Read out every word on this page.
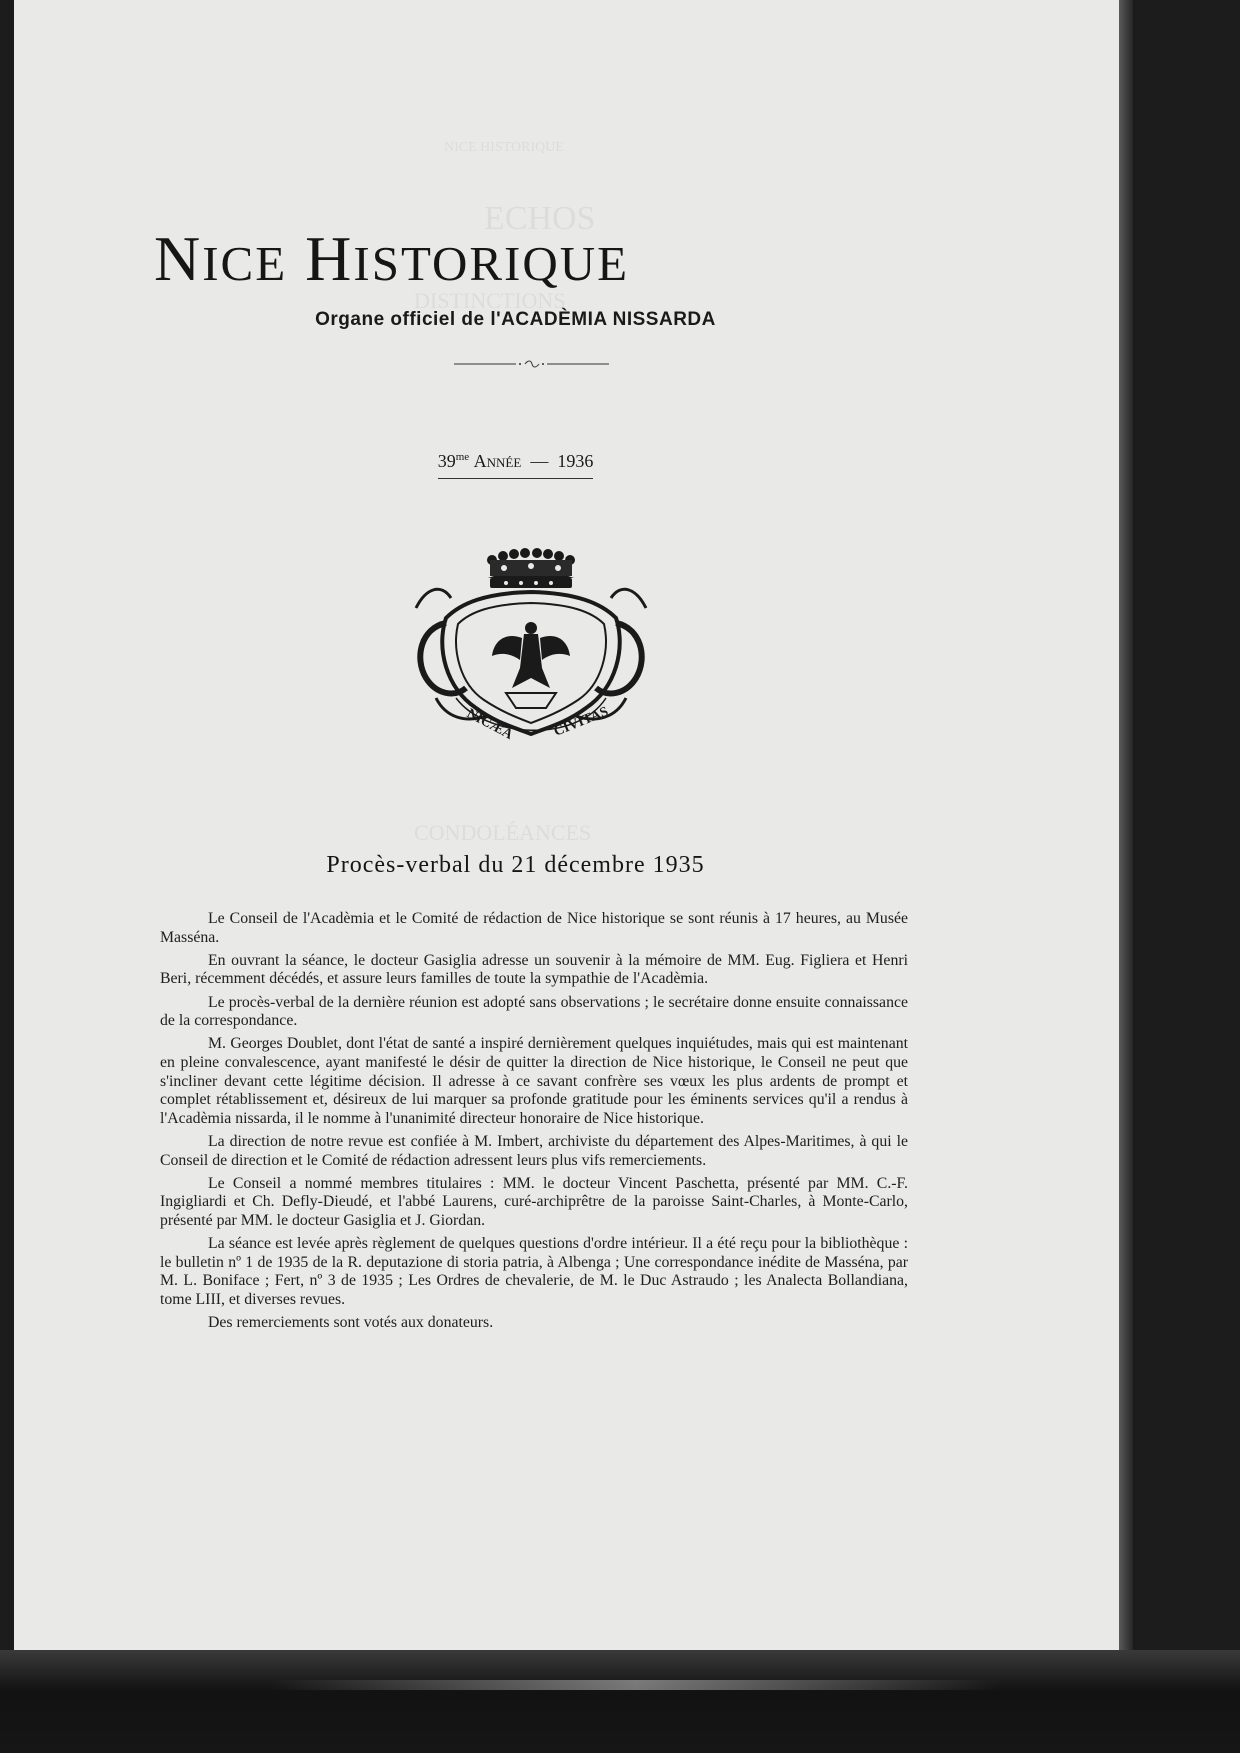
NICE HISTORIQUE
ECHOS
DISTINCTIONS
CONDOLÉANCES
NICE HISTORIQUE
Organe officiel de l'ACADÈMIA NISSARDA
$39^{me}$ Année — 1936
NICÆA	CIVITAS
Procès-verbal du 21 décembre 1935

Le Conseil de l'Acadèmia et le Comité de rédaction de Nice historique se sont réunis à 17 heures, au Musée Masséna.

En ouvrant la séance, le docteur Gasiglia adresse un souvenir à la mémoire de MM. Eug. Figliera et Henri Beri, récemment décédés, et assure leurs familles de toute la sympathie de l'Acadèmia.

Le procès-verbal de la dernière réunion est adopté sans observations ; le secrétaire donne ensuite connaissance de la correspondance.

M. Georges Doublet, dont l'état de santé a inspiré dernièrement quelques inquiétudes, mais qui est maintenant en pleine convalescence, ayant manifesté le désir de quitter la direction de Nice historique, le Conseil ne peut que s'incliner devant cette légitime décision. Il adresse à ce savant confrère ses vœux les plus ardents de prompt et complet rétablissement et, désireux de lui marquer sa profonde gratitude pour les éminents services qu'il a rendus à l'Acadèmia nissarda, il le nomme à l'unanimité directeur honoraire de Nice historique.

La direction de notre revue est confiée à M. Imbert, archiviste du département des Alpes-Maritimes, à qui le Conseil de direction et le Comité de rédaction adressent leurs plus vifs remerciements.

Le Conseil a nommé membres titulaires : MM. le docteur Vincent Paschetta, présenté par MM. C.-F. Ingigliardi et Ch. Defly-Dieudé, et l'abbé Laurens, curé-archiprêtre de la paroisse Saint-Charles, à Monte-Carlo, présenté par MM. le docteur Gasiglia et J. Giordan.

La séance est levée après règlement de quelques questions d'ordre intérieur. Il a été reçu pour la bibliothèque : le bulletin nº 1 de 1935 de la R. deputazione di storia patria, à Albenga ; Une correspondance inédite de Masséna, par M. L. Boniface ; Fert, nº 3 de 1935 ; Les Ordres de chevalerie, de M. le Duc Astraudo ; les Analecta Bollandiana, tome LIII, et diverses revues.

Des remerciements sont votés aux donateurs.
